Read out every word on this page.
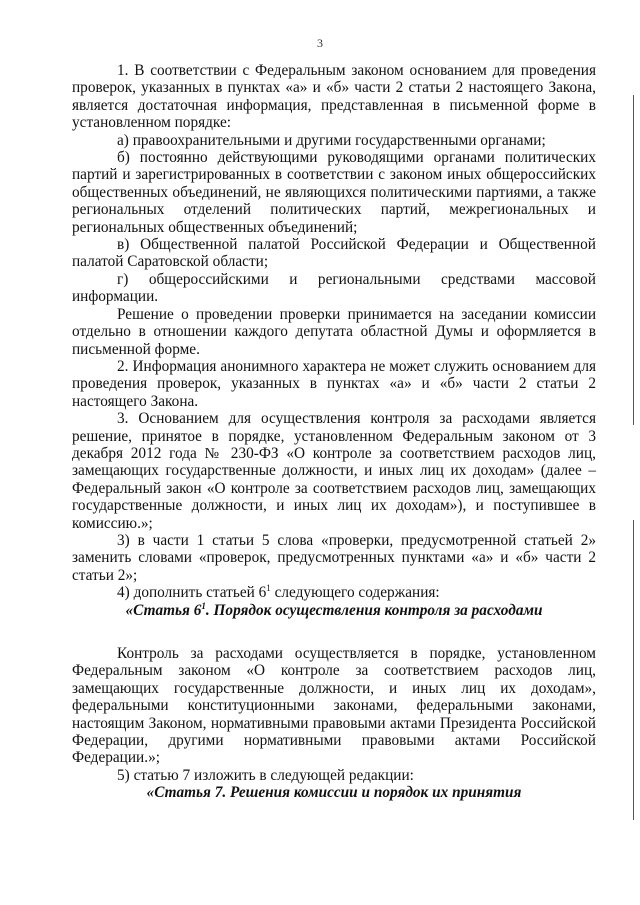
3

1. В соответствии с Федеральным законом основанием для проведения проверок, указанных в пунктах «а» и «б» части 2 статьи 2 настоящего Закона, является достаточная информация, представленная в письменной форме в установленном порядке:

а) правоохранительными и другими государственными органами;

б) постоянно действующими руководящими органами политических партий и зарегистрированных в соответствии с законом иных общероссийских общественных объединений, не являющихся политическими партиями, а также региональных отделений политических партий, межрегиональных и региональных общественных объединений;

в) Общественной палатой Российской Федерации и Общественной палатой Саратовской области;

г) общероссийскими и региональными средствами массовой информации.

Решение о проведении проверки принимается на заседании комиссии отдельно в отношении каждого депутата областной Думы и оформляется в письменной форме.

2. Информация анонимного характера не может служить основанием для проведения проверок, указанных в пунктах «а» и «б» части 2 статьи 2 настоящего Закона.

3. Основанием для осуществления контроля за расходами является решение, принятое в порядке, установленном Федеральным законом от 3 декабря 2012 года № 230-ФЗ «О контроле за соответствием расходов лиц, замещающих государственные должности, и иных лиц их доходам» (далее – Федеральный закон «О контроле за соответствием расходов лиц, замещающих государственные должности, и иных лиц их доходам»), и поступившее в комиссию.»;

3) в части 1 статьи 5 слова «проверки, предусмотренной статьей 2» заменить словами «проверок, предусмотренных пунктами «а» и «б» части 2 статьи 2»;

4) дополнить статьей $6^1$ следующего содержания:

«Статья $6^1$. Порядок осуществления контроля за расходами

Контроль за расходами осуществляется в порядке, установленном Федеральным законом «О контроле за соответствием расходов лиц, замещающих государственные должности, и иных лиц их доходам», федеральными конституционными законами, федеральными законами, настоящим Законом, нормативными правовыми актами Президента Российской Федерации, другими нормативными правовыми актами Российской Федерации.»;

5) статью 7 изложить в следующей редакции:

«Статья 7. Решения комиссии и порядок их принятия
